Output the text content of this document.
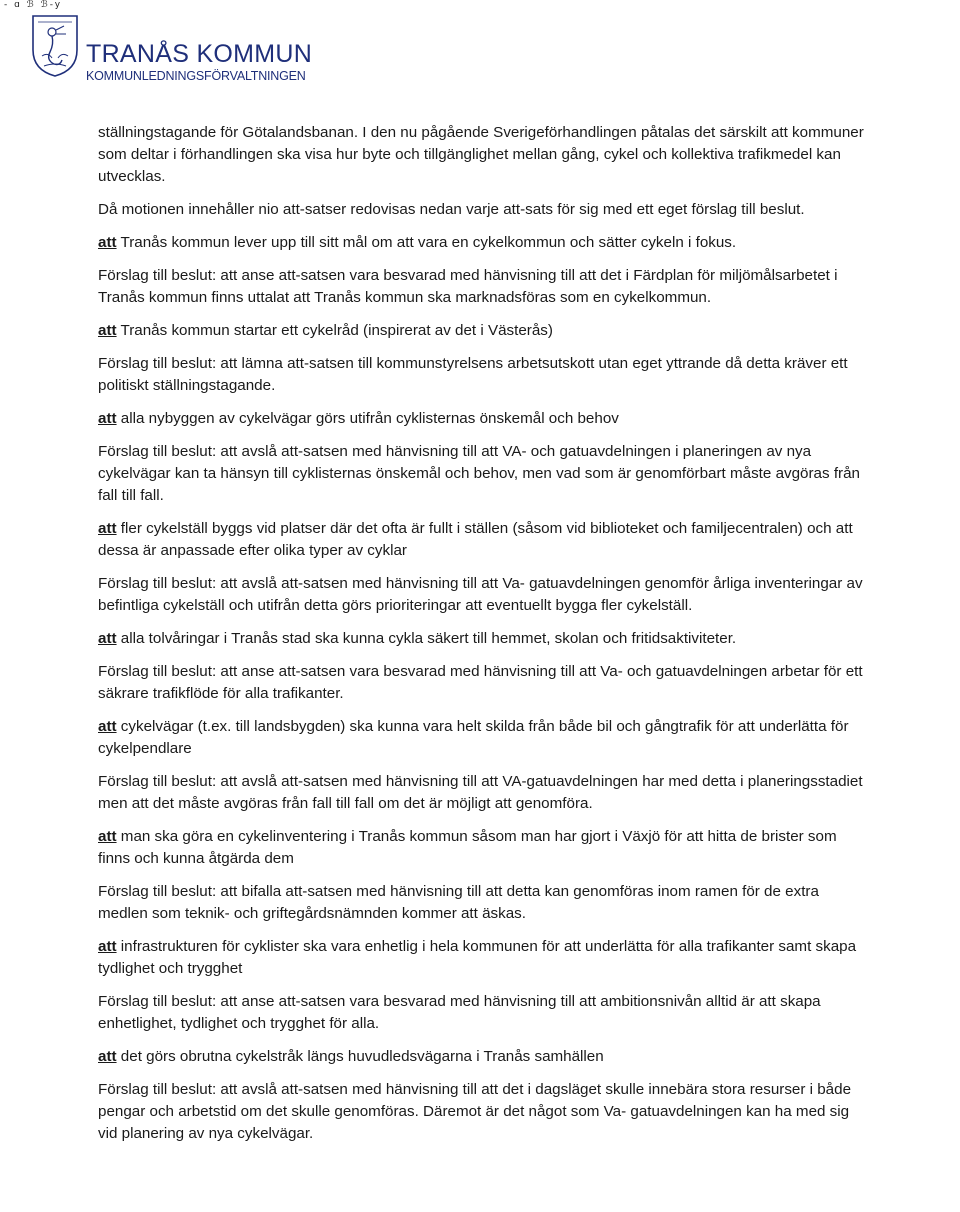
- ɑ ℬ ℬ-y
TRANÅS KOMMUN
KOMMUNLEDNINGSFÖRVALTNINGEN

ställningstagande för Götalandsbanan. I den nu pågående Sverigeförhandlingen påtalas det särskilt att kommuner som deltar i förhandlingen ska visa hur byte och tillgänglighet mellan gång, cykel och kollektiva trafikmedel kan utvecklas.

Då motionen innehåller nio att-satser redovisas nedan varje att-sats för sig med ett eget förslag till beslut.

att Tranås kommun lever upp till sitt mål om att vara en cykelkommun och sätter cykeln i fokus.

Förslag till beslut: att anse att-satsen vara besvarad med hänvisning till att det i Färdplan för miljömålsarbetet i Tranås kommun finns uttalat att Tranås kommun ska marknadsföras som en cykelkommun.

att Tranås kommun startar ett cykelråd (inspirerat av det i Västerås)

Förslag till beslut: att lämna att-satsen till kommunstyrelsens arbetsutskott utan eget yttrande då detta kräver ett politiskt ställningstagande.

att alla nybyggen av cykelvägar görs utifrån cyklisternas önskemål och behov

Förslag till beslut: att avslå att-satsen med hänvisning till att VA- och gatuavdelningen i planeringen av nya cykelvägar kan ta hänsyn till cyklisternas önskemål och behov, men vad som är genomförbart måste avgöras från fall till fall.

att fler cykelställ byggs vid platser där det ofta är fullt i ställen (såsom vid biblioteket och familjecentralen) och att dessa är anpassade efter olika typer av cyklar

Förslag till beslut: att avslå att-satsen med hänvisning till att Va- gatuavdelningen genomför årliga inventeringar av befintliga cykelställ och utifrån detta görs prioriteringar att eventuellt bygga fler cykelställ.

att alla tolvåringar i Tranås stad ska kunna cykla säkert till hemmet, skolan och fritidsaktiviteter.

Förslag till beslut: att anse att-satsen vara besvarad med hänvisning till att Va- och gatuavdelningen arbetar för ett säkrare trafikflöde för alla trafikanter.

att cykelvägar (t.ex. till landsbygden) ska kunna vara helt skilda från både bil och gångtrafik för att underlätta för cykelpendlare

Förslag till beslut: att avslå att-satsen med hänvisning till att VA-gatuavdelningen har med detta i planeringsstadiet men att det måste avgöras från fall till fall om det är möjligt att genomföra.

att man ska göra en cykelinventering i Tranås kommun såsom man har gjort i Växjö för att hitta de brister som finns och kunna åtgärda dem

Förslag till beslut: att bifalla att-satsen med hänvisning till att detta kan genomföras inom ramen för de extra medlen som teknik- och griftegårdsnämnden kommer att äskas.

att infrastrukturen för cyklister ska vara enhetlig i hela kommunen för att underlätta för alla trafikanter samt skapa tydlighet och trygghet

Förslag till beslut: att anse att-satsen vara besvarad med hänvisning till att ambitionsnivån alltid är att skapa enhetlighet, tydlighet och trygghet för alla.

att det görs obrutna cykelstråk längs huvudledsvägarna i Tranås samhällen

Förslag till beslut: att avslå att-satsen med hänvisning till att det i dagsläget skulle innebära stora resurser i både pengar och arbetstid om det skulle genomföras. Däremot är det något som Va- gatuavdelningen kan ha med sig vid planering av nya cykelvägar.
